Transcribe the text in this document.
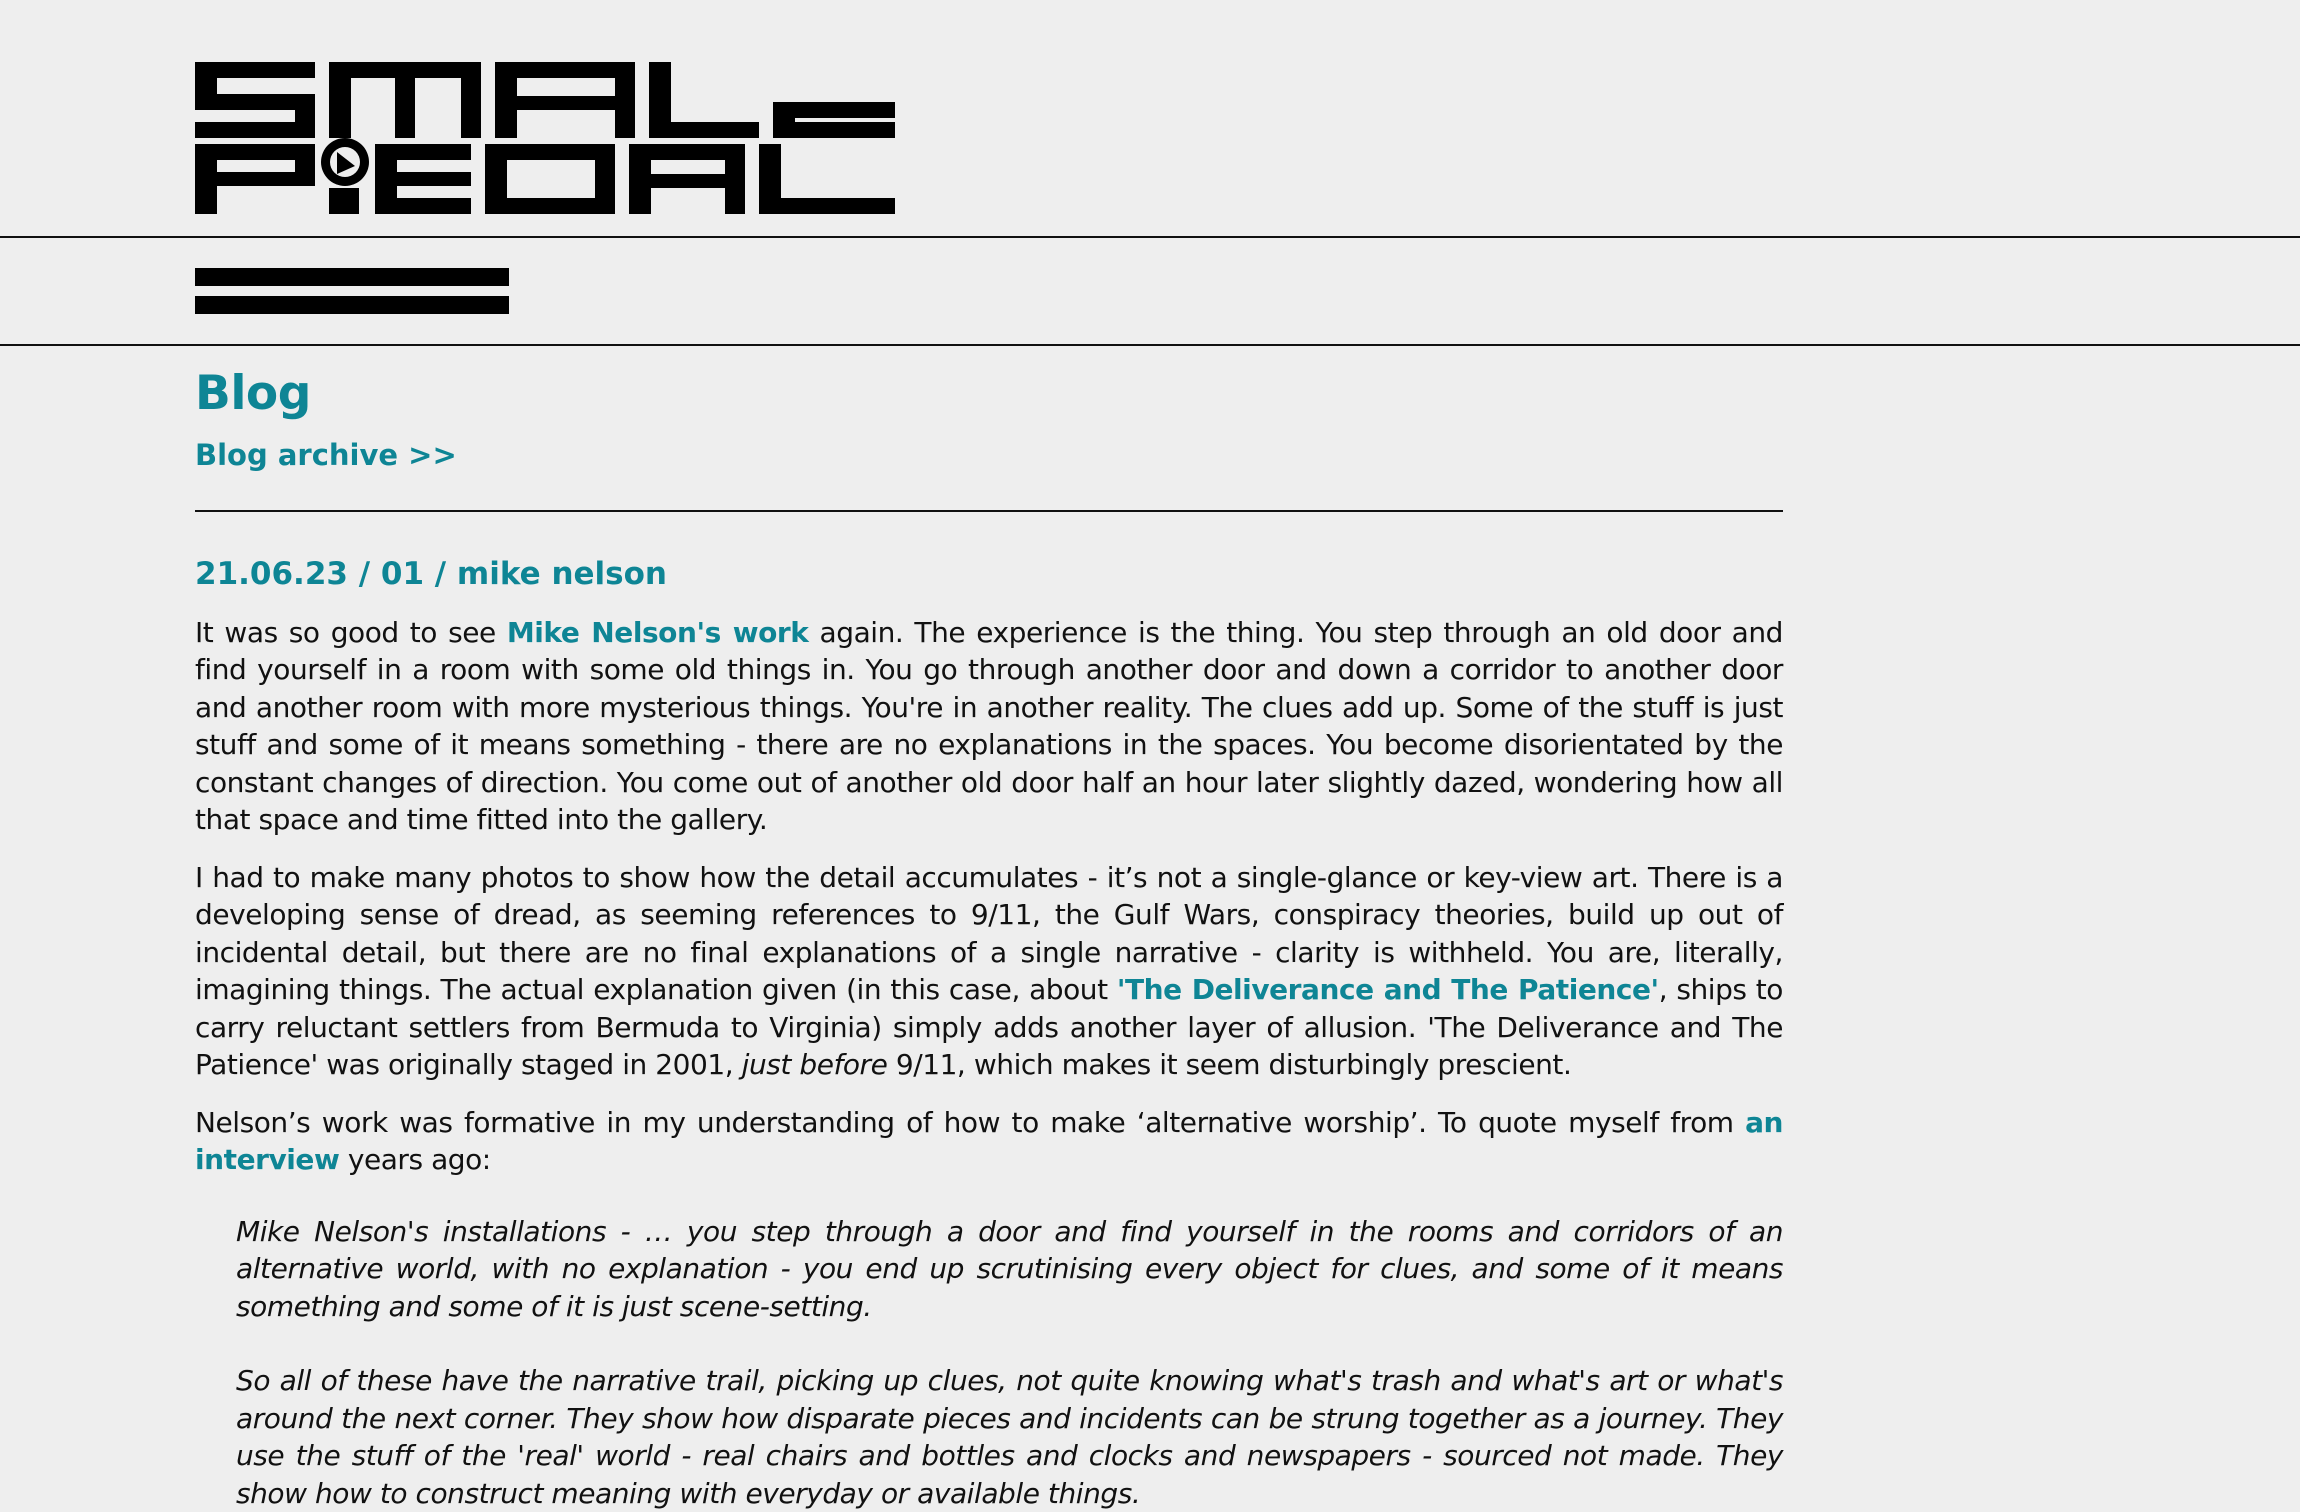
Blog
Blog archive >>
21.06.23 / 01 / mike nelson

It was so good to see Mike Nelson's work again. The experience is the thing. You step through an old door and find yourself in a room with some old things in. You go through another door and down a corridor to another door and another room with more mysterious things. You're in another reality. The clues add up. Some of the stuff is just stuff and some of it means something - there are no explanations in the spaces. You become disorientated by the constant changes of direction. You come out of another old door half an hour later slightly dazed, wondering how all that space and time fitted into the gallery.

I had to make many photos to show how the detail accumulates - it’s not a single-glance or key-view art. There is a developing sense of dread, as seeming references to 9/11, the Gulf Wars, conspiracy theories, build up out of incidental detail, but there are no final explanations of a single narrative - clarity is withheld. You are, literally, imagining things. The actual explanation given (in this case, about 'The Deliverance and The Patience', ships to carry reluctant settlers from Bermuda to Virginia) simply adds another layer of allusion. 'The Deliverance and The Patience' was originally staged in 2001, just before 9/11, which makes it seem disturbingly prescient.

Nelson’s work was formative in my understanding of how to make ‘alternative worship’. To quote myself from an interview years ago:

Mike Nelson's installations - … you step through a door and find yourself in the rooms and corridors of an alternative world, with no explanation - you end up scrutinising every object for clues, and some of it means something and some of it is just scene-setting.

So all of these have the narrative trail, picking up clues, not quite knowing what's trash and what's art or what's around the next corner. They show how disparate pieces and incidents can be strung together as a journey. They use the stuff of the 'real' world - real chairs and bottles and clocks and newspapers - sourced not made. They show how to construct meaning with everyday or available things.
